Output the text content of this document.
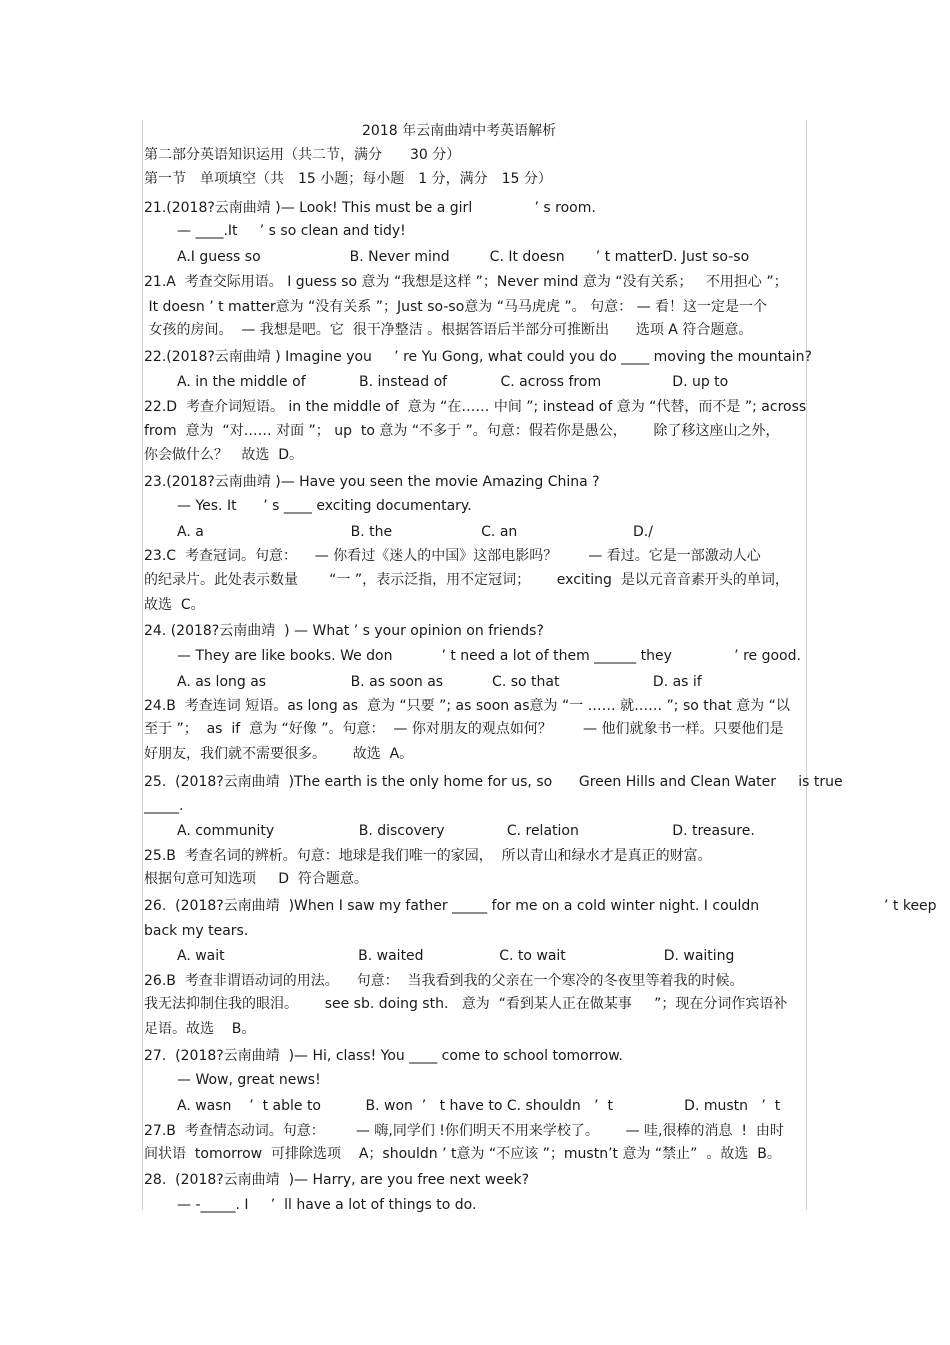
2018 年云南曲靖中考英语解析
第二部分英语知识运用（共二节，满分　　30 分）
第一节　单项填空（共　15 小题；每小题　1 分，满分　15 分）
21.(2018?云南曲靖 )— Look! This must be a girl              ’ s room.
— ____.It     ’ s so clean and tidy!
A.I guess so                    B. Never mind         C. It doesn       ’ t matterD. Just so-so
21.A  考查交际用语。 I guess so 意为 “我想是这样 ”；Never mind 意为 “没有关系；   不用担心 ”；
It doesn ’ t matter意为 “没有关系 ”；Just so-so意为 “马马虎虎 ”。 句意： — 看！这一定是一个
女孩的房间。  — 我想是吧。它  很干净整洁 。根据答语后半部分可推断出      选项 A 符合题意。
22.(2018?云南曲靖 ) Imagine you     ’ re Yu Gong, what could you do ____ moving the mountain?
A. in the middle of            B. instead of            C. across from                D. up to
22.D  考查介词短语。 in the middle of  意为 “在…… 中间 ”; instead of 意为 “代替，而不是 ”; across
from  意为  “对…… 对面 ”； up  to 意为 “不多于 ”。句意：假若你是愚公，      除了移这座山之外，
你会做什么？   故选  D。
23.(2018?云南曲靖 )— Have you seen the movie Amazing China ?
— Yes. It      ’ s ____ exciting documentary.
A. a                                 B. the                    C. an                          D./
23.C  考查冠词。句意：    — 你看过《迷人的中国》这部电影吗？       — 看过。它是一部激动人心
的纪录片。此处表示数量       “一 ”，表示泛指，用不定冠词；      exciting  是以元音音素开头的单词，
故选  C。
24. (2018?云南曲靖  ) — What ’ s your opinion on friends?
— They are like books. We don           ’ t need a lot of them ______ they              ’ re good.
A. as long as                   B. as soon as           C. so that                     D. as if
24.B  考查连词 短语。as long as  意为 “只要 ”; as soon as意为 “一 …… 就…… ”; so that 意为 “以
至于 ”；  as  if  意为 “好像 ”。句意：  — 你对朋友的观点如何？       — 他们就象书一样。只要他们是
好朋友，我们就不需要很多。      故选  A。
25.  (2018?云南曲靖  )The earth is the only home for us, so      Green Hills and Clean Water     is true
_____.
A. community                   B. discovery              C. relation                     D. treasure.
25.B  考查名词的辨析。句意：地球是我们唯一的家园，  所以青山和绿水才是真正的财富。
根据句意可知选项     D  符合题意。
26.  (2018?云南曲靖  )When I saw my father _____ for me on a cold winter night. I couldn	’ t keep
back my tears.
A. wait                              B. waited                 C. to wait                      D. waiting
26.B  考查非谓语动词的用法。    句意：  当我看到我的父亲在一个寒冷的冬夜里等着我的时候。
我无法抑制住我的眼泪。      see sb. doing sth.   意为  “看到某人正在做某事     ”；现在分词作宾语补
足语。故选    B。
27.  (2018?云南曲靖  )— Hi, class! You ____ come to school tomorrow.
— Wow, great news!
A. wasn    ’  t able to          B. won  ’   t have to C. shouldn   ’  t                D. mustn   ’  t
27.B  考查情态动词。句意：       — 嗨,同学们 !你们明天不用来学校了。      — 哇,很棒的消息  !  由时
间状语  tomorrow  可排除选项    A；shouldn ’ t意为 “不应该 ”；mustn’t 意为 “禁止”  。故选  B。
28.  (2018?云南曲靖  )— Harry, are you free next week?
— -_____. I     ’  ll have a lot of things to do.
